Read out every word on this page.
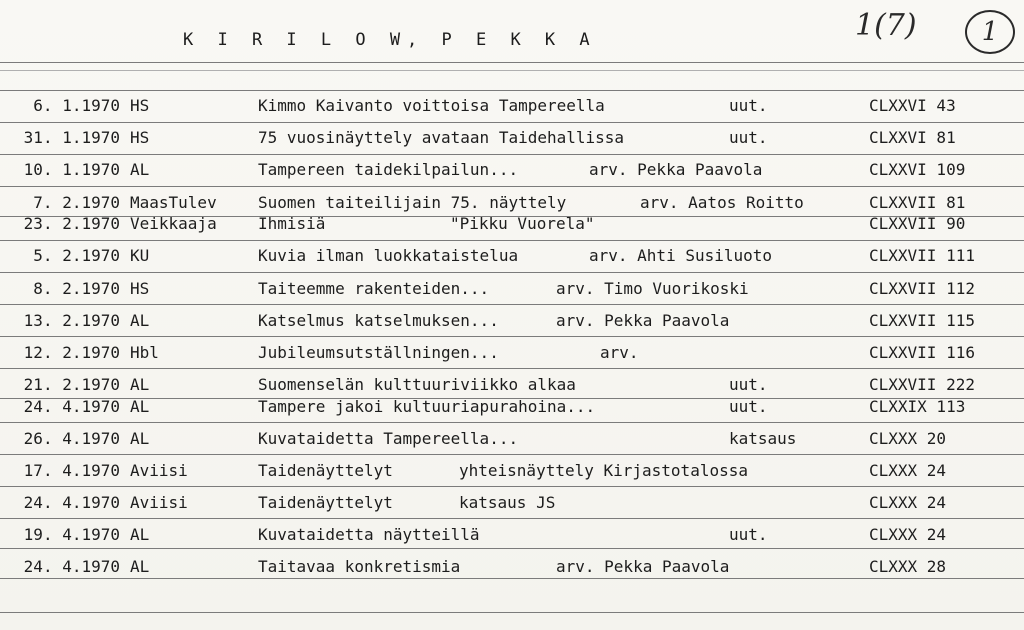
K I R I L O W, P E K K A	1(7)	1
6. 1.1970 HS	Kimmo Kaivanto voittoisa Tampereella	uut.	CLXXVI 43
31. 1.1970 HS	75 vuosinäyttely avataan Taidehallissa	uut.	CLXXVI 81
10. 1.1970 AL	Tampereen taidekilpailun...	arv. Pekka Paavola	CLXXVI 109
7. 2.1970 MaasTulev	Suomen taiteilijain 75. näyttely	arv. Aatos Roitto	CLXXVII 81
23. 2.1970 Veikkaaja	Ihmisiä	"Pikku Vuorela"	CLXXVII 90
5. 2.1970 KU	Kuvia ilman luokkataistelua	arv. Ahti Susiluoto	CLXXVII 111
8. 2.1970 HS	Taiteemme rakenteiden...	arv. Timo Vuorikoski	CLXXVII 112
13. 2.1970 AL	Katselmus katselmuksen...	arv. Pekka Paavola	CLXXVII 115
12. 2.1970 Hbl	Jubileumsutställningen...	arv.	CLXXVII 116
21. 2.1970 AL	Suomenselän kulttuuriviikko alkaa	uut.	CLXXVII 222
24. 4.1970 AL	Tampere jakoi kultuuriapurahoina...	uut.	CLXXIX 113
26. 4.1970 AL	Kuvataidetta Tampereella...	katsaus	CLXXX 20
17. 4.1970 Aviisi	Taidenäyttelyt	yhteisnäyttely Kirjastotalossa	CLXXX 24
24. 4.1970 Aviisi	Taidenäyttelyt	katsaus JS	CLXXX 24
19. 4.1970 AL	Kuvataidetta näytteillä	uut.	CLXXX 24
24. 4.1970 AL	Taitavaa konkretismia	arv. Pekka Paavola	CLXXX 28
